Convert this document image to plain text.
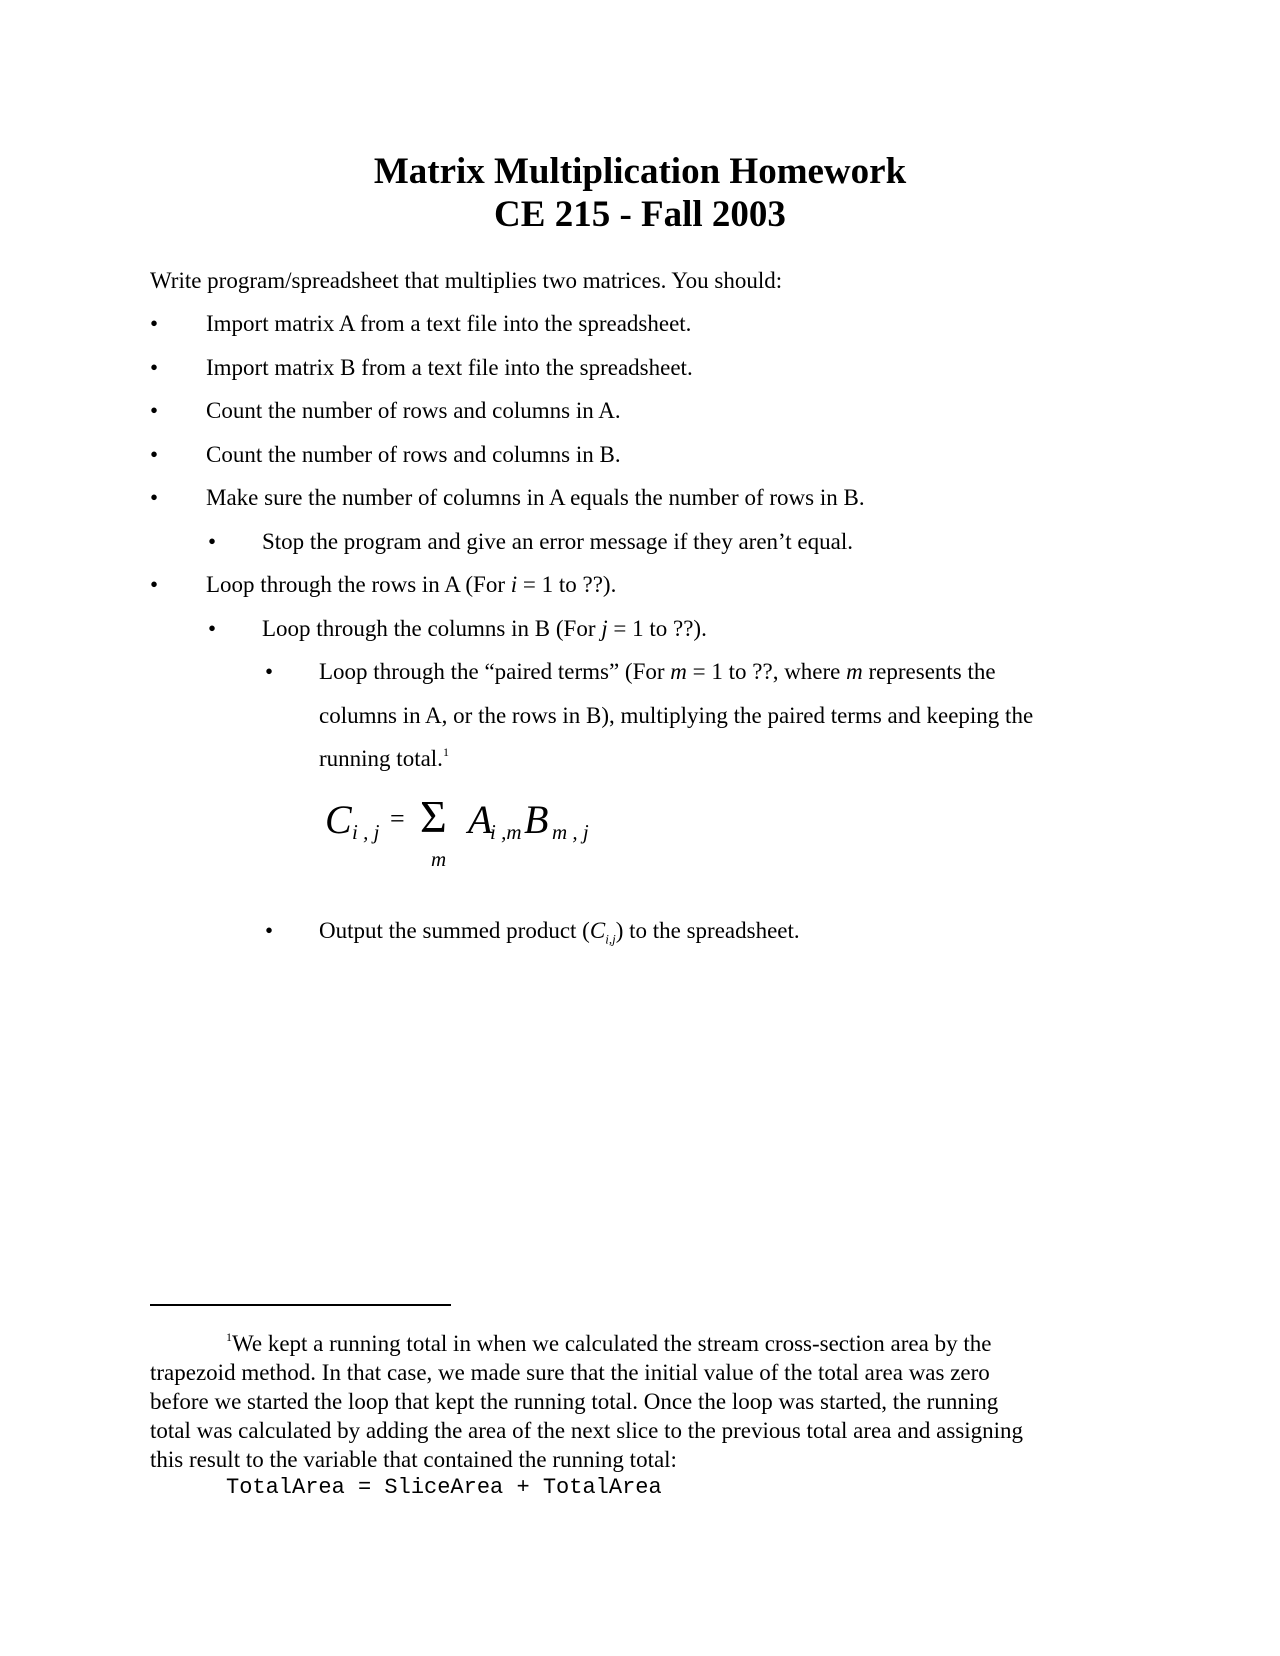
Matrix Multiplication Homework
CE 215 - Fall 2003
Write program/spreadsheet that multiplies two matrices. You should:
• Import matrix A from a text file into the spreadsheet.
• Import matrix B from a text file into the spreadsheet.
• Count the number of rows and columns in A.
• Count the number of rows and columns in B.
• Make sure the number of columns in A equals the number of rows in B.
• Stop the program and give an error message if they aren’t equal.
• Loop through the rows in A (For i = 1 to ??).
• Loop through the columns in B (For j = 1 to ??).
• Loop through the “paired terms” (For m = 1 to ??, where m represents the
columns in A, or the rows in B), multiplying the paired terms and keeping the
running total.$^1$
C i , j = Σ
m
A
i ,m B m , j
• Output the summed product $(C_{i,j})$ to the spreadsheet.
$^1$We kept a running total in when we calculated the stream cross-section area by the
trapezoid method. In that case, we made sure that the initial value of the total area was zero
before we started the loop that kept the running total. Once the loop was started, the running
total was calculated by adding the area of the next slice to the previous total area and assigning
this result to the variable that contained the running total:
TotalArea = SliceArea + TotalArea
